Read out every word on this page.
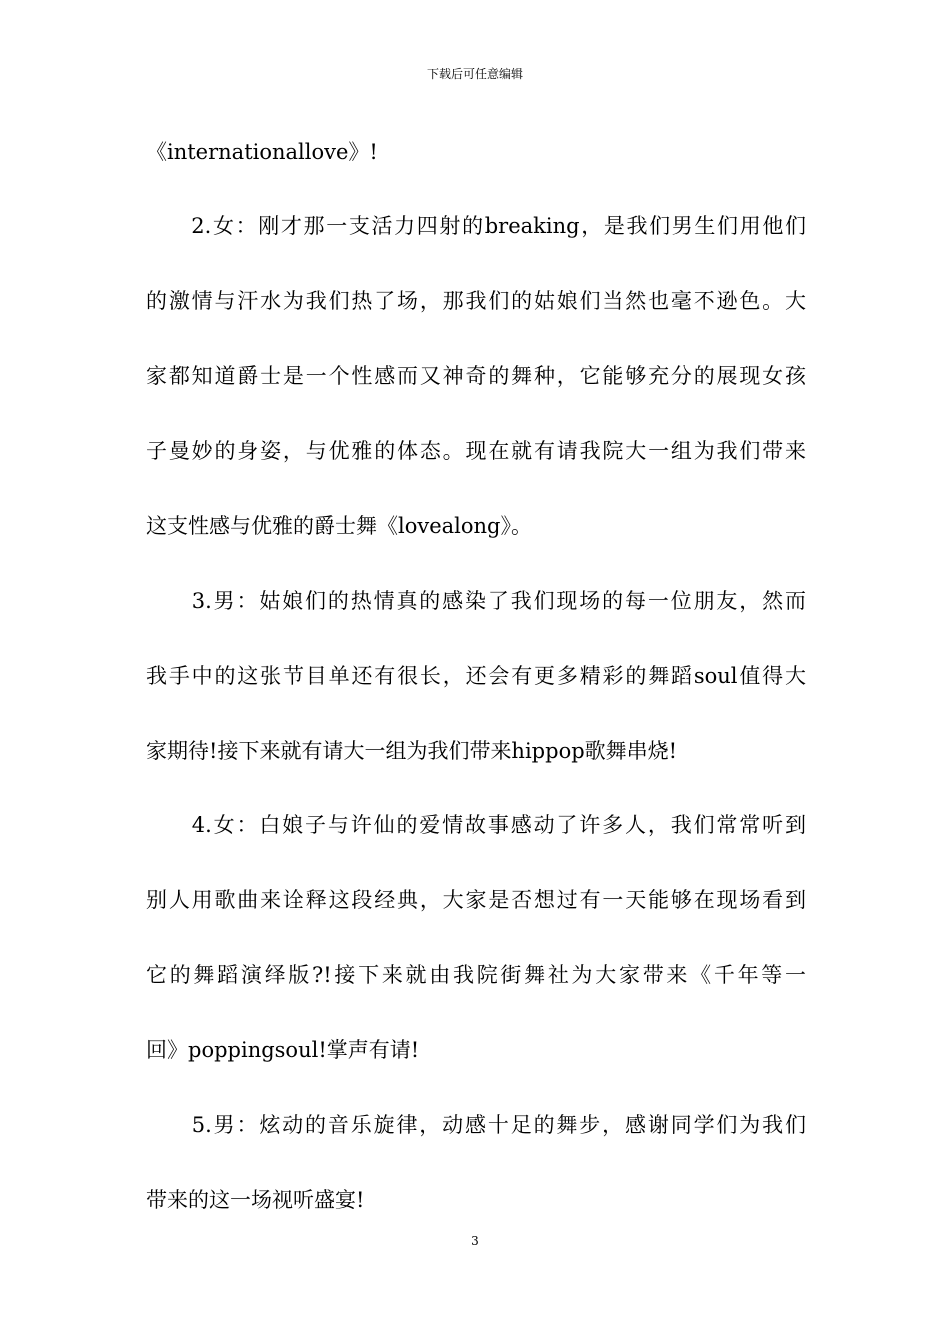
下载后可任意编辑
《internationallove》!
　　2.女：刚才那一支活力四射的breaking，是我们男生们用他们
的激情与汗水为我们热了场，那我们的姑娘们当然也毫不逊色。大
家都知道爵士是一个性感而又神奇的舞种，它能够充分的展现女孩
子曼妙的身姿，与优雅的体态。现在就有请我院大一组为我们带来
这支性感与优雅的爵士舞《lovealong》。
　　3.男：姑娘们的热情真的感染了我们现场的每一位朋友，然而
我手中的这张节目单还有很长，还会有更多精彩的舞蹈soul值得大
家期待!接下来就有请大一组为我们带来hippop歌舞串烧!
　　4.女：白娘子与许仙的爱情故事感动了许多人，我们常常听到
别人用歌曲来诠释这段经典，大家是否想过有一天能够在现场看到
它的舞蹈演绎版?!接下来就由我院街舞社为大家带来《千年等一
回》poppingsoul!掌声有请!
　　5.男：炫动的音乐旋律，动感十足的舞步，感谢同学们为我们
带来的这一场视听盛宴!
3
